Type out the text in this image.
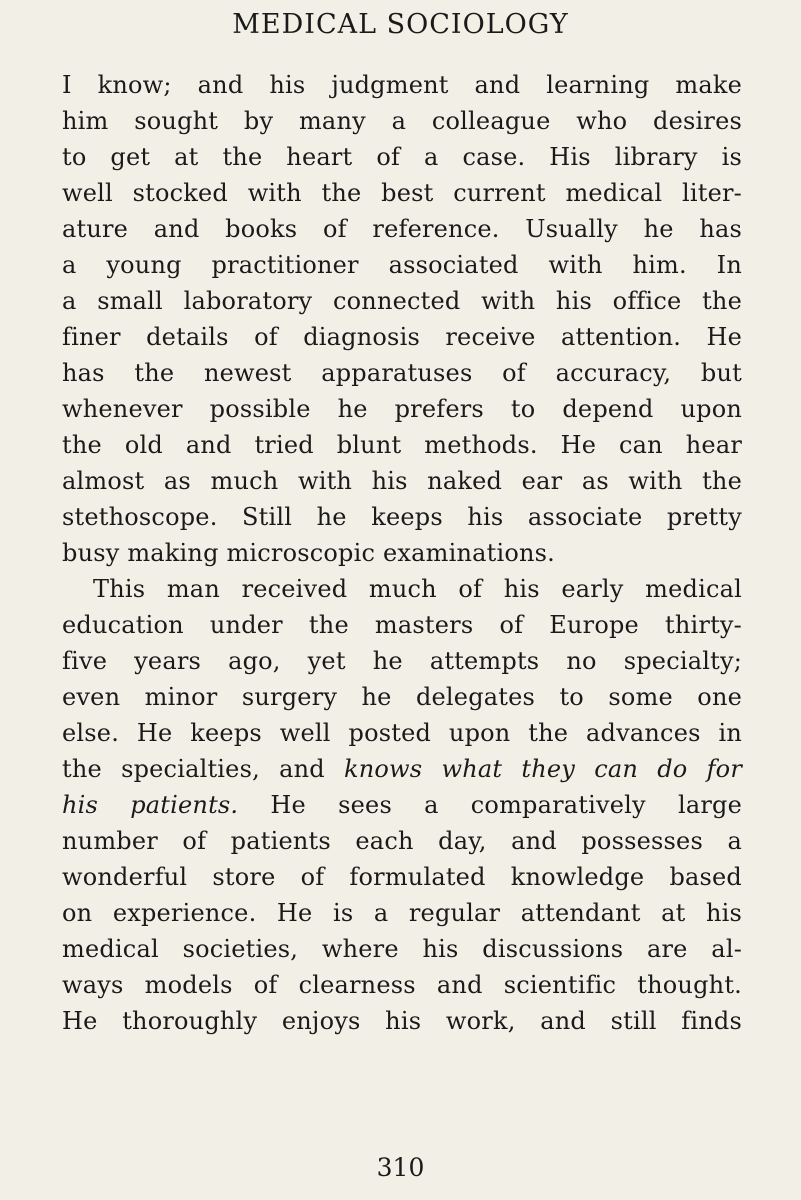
MEDICAL SOCIOLOGY
I know; and his judgment and learning make
him sought by many a colleague who desires
to get at the heart of a case. His library is
well stocked with the best current medical liter-
ature and books of reference. Usually he has
a young practitioner associated with him. In
a small laboratory connected with his office the
finer details of diagnosis receive attention. He
has the newest apparatuses of accuracy, but
whenever possible he prefers to depend upon
the old and tried blunt methods. He can hear
almost as much with his naked ear as with the
stethoscope. Still he keeps his associate pretty
busy making microscopic examinations.
This man received much of his early medical
education under the masters of Europe thirty-
five years ago, yet he attempts no specialty;
even minor surgery he delegates to some one
else. He keeps well posted upon the advances in
the specialties, and knows what they can do for
his patients. He sees a comparatively large
number of patients each day, and possesses a
wonderful store of formulated knowledge based
on experience. He is a regular attendant at his
medical societies, where his discussions are al-
ways models of clearness and scientific thought.
He thoroughly enjoys his work, and still finds
310
